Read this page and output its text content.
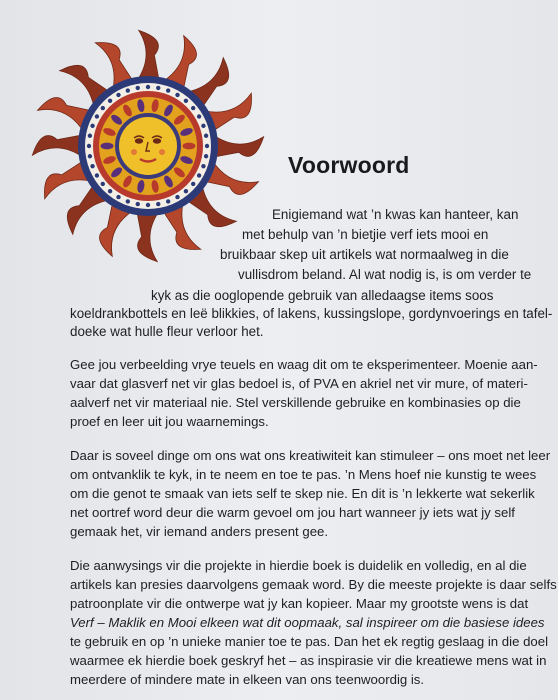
Voorwoord
Enigiemand wat ’n kwas kan hanteer, kan
met behulp van ’n bietjie verf iets mooi en
bruikbaar skep uit artikels wat normaalweg in die
vullisdrom beland. Al wat nodig is, is om verder te
kyk as die ooglopende gebruik van alledaagse items soos
koeldrankbottels en leë blikkies, of lakens, kussingslope, gordynvoerings en tafel-
doeke wat hulle fleur verloor het.
Gee jou verbeelding vrye teuels en waag dit om te eksperimenteer. Moenie aan-
vaar dat glasverf net vir glas bedoel is, of PVA en akriel net vir mure, of materi-
aalverf net vir materiaal nie. Stel verskillende gebruike en kombinasies op die
proef en leer uit jou waarnemings.
Daar is soveel dinge om ons wat ons kreatiwiteit kan stimuleer – ons moet net leer
om ontvanklik te kyk, in te neem en toe te pas. ’n Mens hoef nie kunstig te wees
om die genot te smaak van iets self te skep nie. En dit is ’n lekkerte wat sekerlik
net oortref word deur die warm gevoel om jou hart wanneer jy iets wat jy self
gemaak het, vir iemand anders present gee.
Die aanwysings vir die projekte in hierdie boek is duidelik en volledig, en al die
artikels kan presies daarvolgens gemaak word. By die meeste projekte is daar selfs
patroonplate vir die ontwerpe wat jy kan kopieer. Maar my grootste wens is dat
Verf – Maklik en Mooi elkeen wat dit oopmaak, sal inspireer om die basiese idees
te gebruik en op ’n unieke manier toe te pas. Dan het ek regtig geslaag in die doel
waarmee ek hierdie boek geskryf het – as inspirasie vir die kreatiewe mens wat in
meerdere of mindere mate in elkeen van ons teenwoordig is.
